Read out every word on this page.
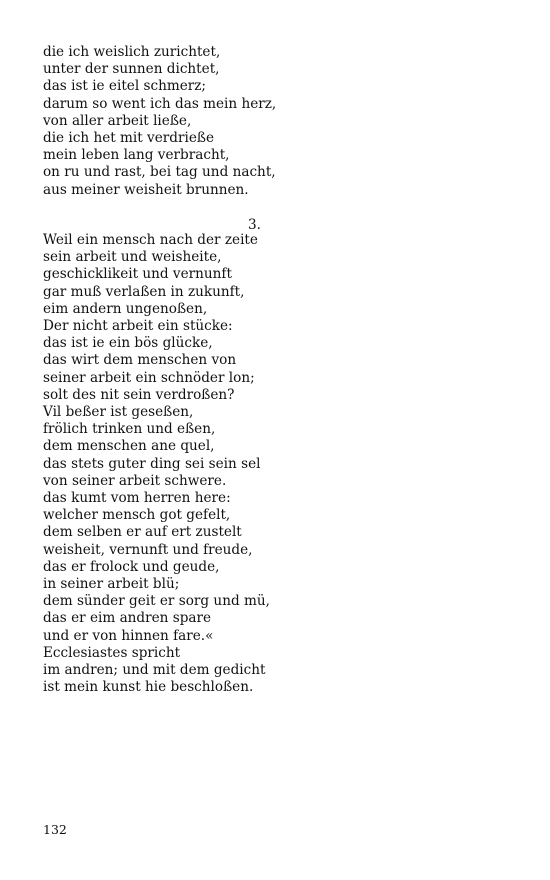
die ich weislich zurichtet,
unter der sunnen dichtet,
das ist ie eitel schmerz;
darum so went ich das mein herz,
von aller arbeit ließe,
die ich het mit verdrieße
mein leben lang verbracht,
on ru und rast, bei tag und nacht,
aus meiner weisheit brunnen.
3.
Weil ein mensch nach der zeite
sein arbeit und weisheite,
geschicklikeit und vernunft
gar muß verlaßen in zukunft,
eim andern ungenoßen,
Der nicht arbeit ein stücke:
das ist ie ein bös glücke,
das wirt dem menschen von
seiner arbeit ein schnöder lon;
solt des nit sein verdroßen?
Vil beßer ist geseßen,
frölich trinken und eßen,
dem menschen ane quel,
das stets guter ding sei sein sel
von seiner arbeit schwere.
das kumt vom herren here:
welcher mensch got gefelt,
dem selben er auf ert zustelt
weisheit, vernunft und freude,
das er frolock und geude,
in seiner arbeit blü;
dem sünder geit er sorg und mü,
das er eim andren spare
und er von hinnen fare.«
Ecclesiastes spricht
im andren; und mit dem gedicht
ist mein kunst hie beschloßen.
132
